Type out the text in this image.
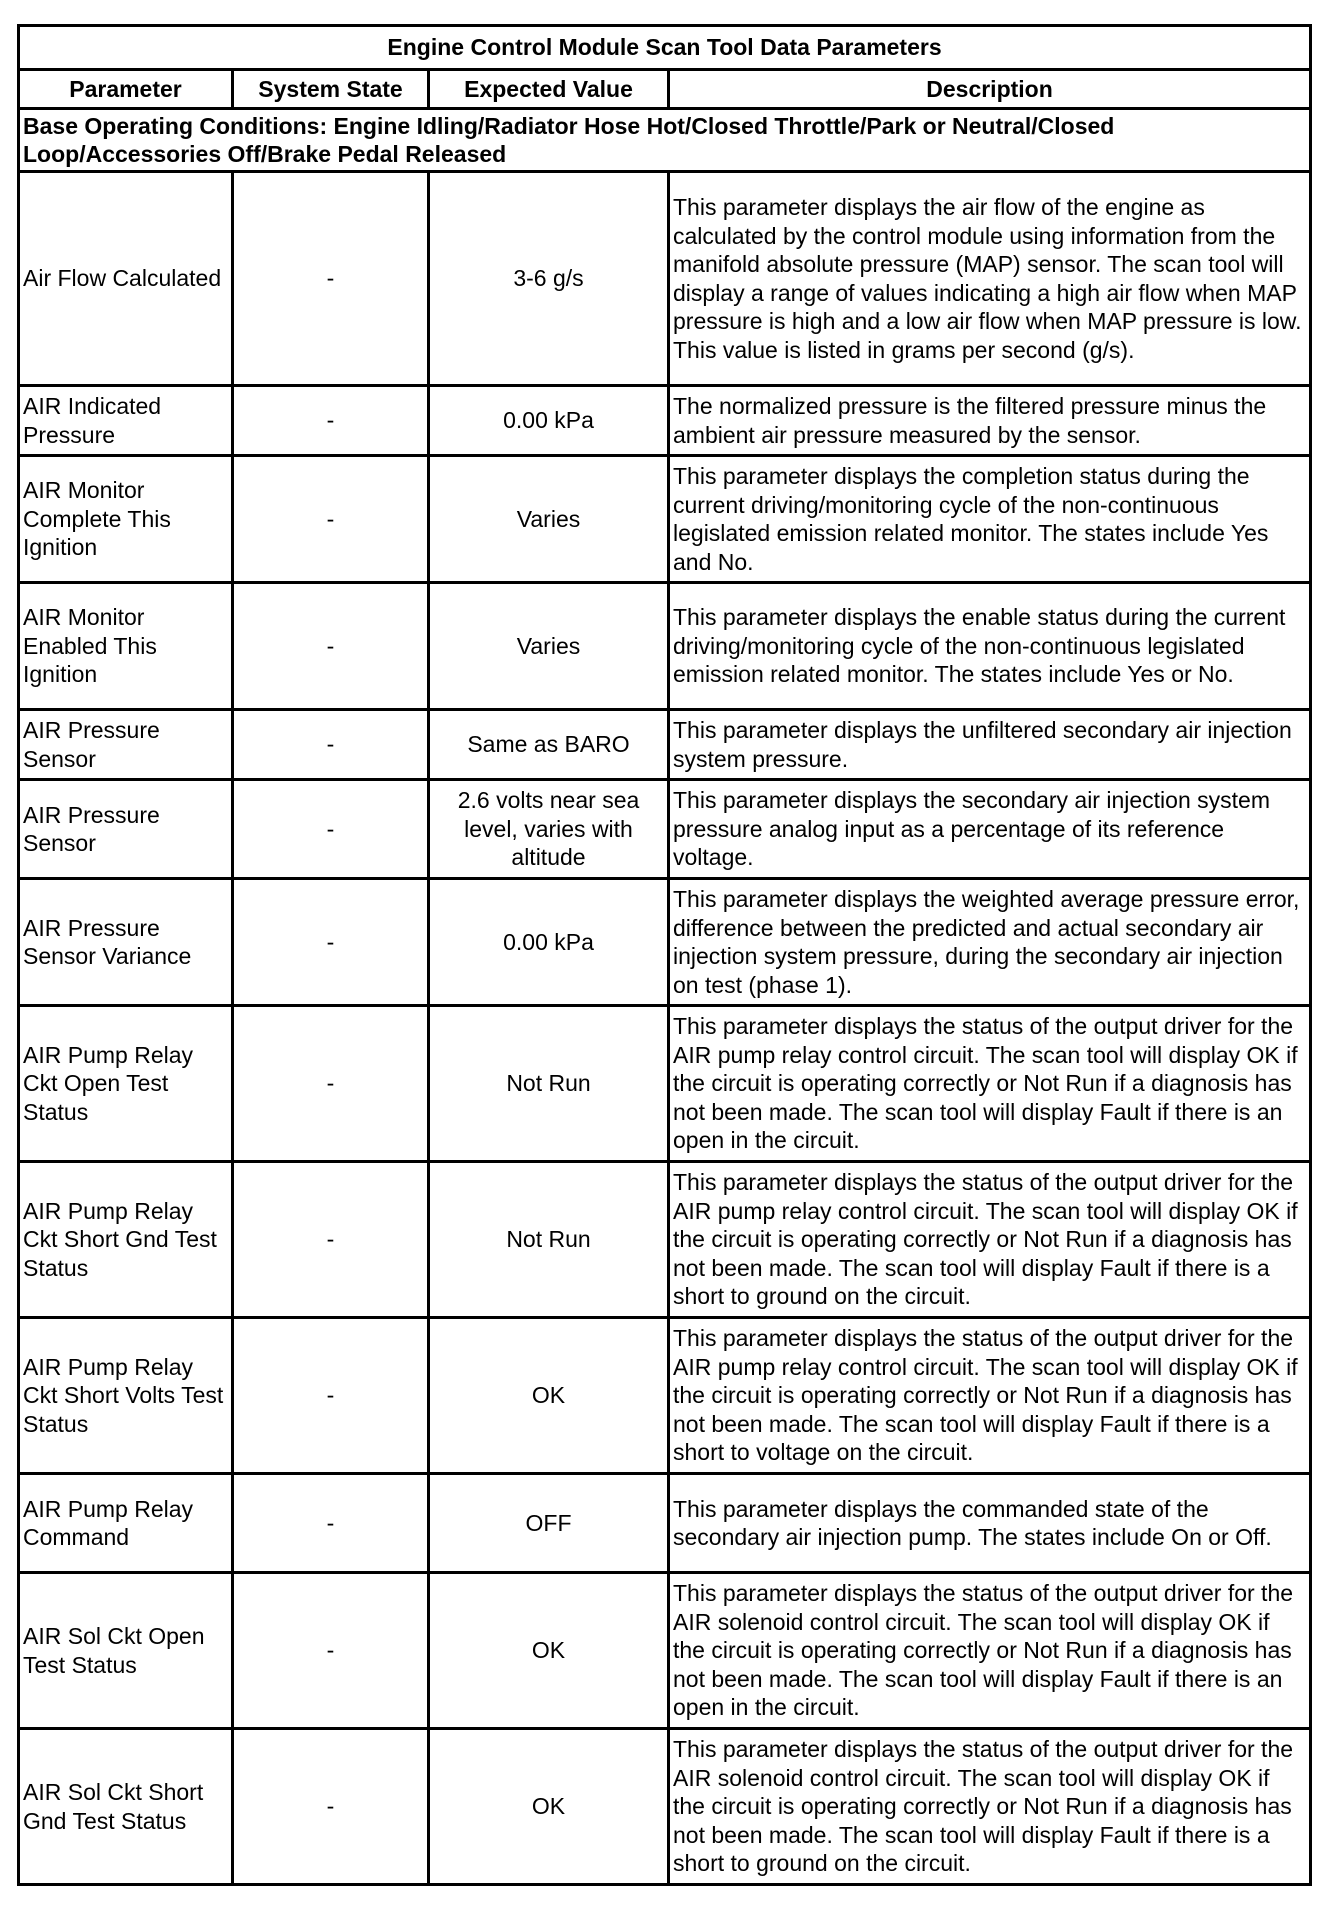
Engine Control Module Scan Tool Data Parameters			
Parameter	System State	Expected Value	Description
Base Operating Conditions: Engine Idling/Radiator Hose Hot/Closed Throttle/Park or Neutral/Closed Loop/Accessories Off/Brake Pedal Released			
Air Flow Calculated	-	3-6 g/s	This parameter displays the air flow of the engine as calculated by the control module using information from the manifold absolute pressure (MAP) sensor. The scan tool will display a range of values indicating a high air flow when MAP pressure is high and a low air flow when MAP pressure is low. This value is listed in grams per second (g/s).
AIR Indicated Pressure	-	0.00 kPa	The normalized pressure is the filtered pressure minus the ambient air pressure measured by the sensor.
AIR Monitor Complete This Ignition	-	Varies	This parameter displays the completion status during the current driving/monitoring cycle of the non-continuous legislated emission related monitor. The states include Yes and No.
AIR Monitor Enabled This Ignition	-	Varies	This parameter displays the enable status during the current driving/monitoring cycle of the non-continuous legislated emission related monitor. The states include Yes or No.
AIR Pressure Sensor	-	Same as BARO	This parameter displays the unfiltered secondary air injection system pressure.
AIR Pressure Sensor	-	2.6 volts near sea level, varies with altitude	This parameter displays the secondary air injection system pressure analog input as a percentage of its reference voltage.
AIR Pressure Sensor Variance	-	0.00 kPa	This parameter displays the weighted average pressure error, difference between the predicted and actual secondary air injection system pressure, during the secondary air injection on test (phase 1).
AIR Pump Relay Ckt Open Test Status	-	Not Run	This parameter displays the status of the output driver for the AIR pump relay control circuit. The scan tool will display OK if the circuit is operating correctly or Not Run if a diagnosis has not been made. The scan tool will display Fault if there is an open in the circuit.
AIR Pump Relay Ckt Short Gnd Test Status	-	Not Run	This parameter displays the status of the output driver for the AIR pump relay control circuit. The scan tool will display OK if the circuit is operating correctly or Not Run if a diagnosis has not been made. The scan tool will display Fault if there is a short to ground on the circuit.
AIR Pump Relay Ckt Short Volts Test Status	-	OK	This parameter displays the status of the output driver for the AIR pump relay control circuit. The scan tool will display OK if the circuit is operating correctly or Not Run if a diagnosis has not been made. The scan tool will display Fault if there is a short to voltage on the circuit.
AIR Pump Relay Command	-	OFF	This parameter displays the commanded state of the secondary air injection pump. The states include On or Off.
AIR Sol Ckt Open Test Status	-	OK	This parameter displays the status of the output driver for the AIR solenoid control circuit. The scan tool will display OK if the circuit is operating correctly or Not Run if a diagnosis has not been made. The scan tool will display Fault if there is an open in the circuit.
AIR Sol Ckt Short Gnd Test Status	-	OK	This parameter displays the status of the output driver for the AIR solenoid control circuit. The scan tool will display OK if the circuit is operating correctly or Not Run if a diagnosis has not been made. The scan tool will display Fault if there is a short to ground on the circuit.
